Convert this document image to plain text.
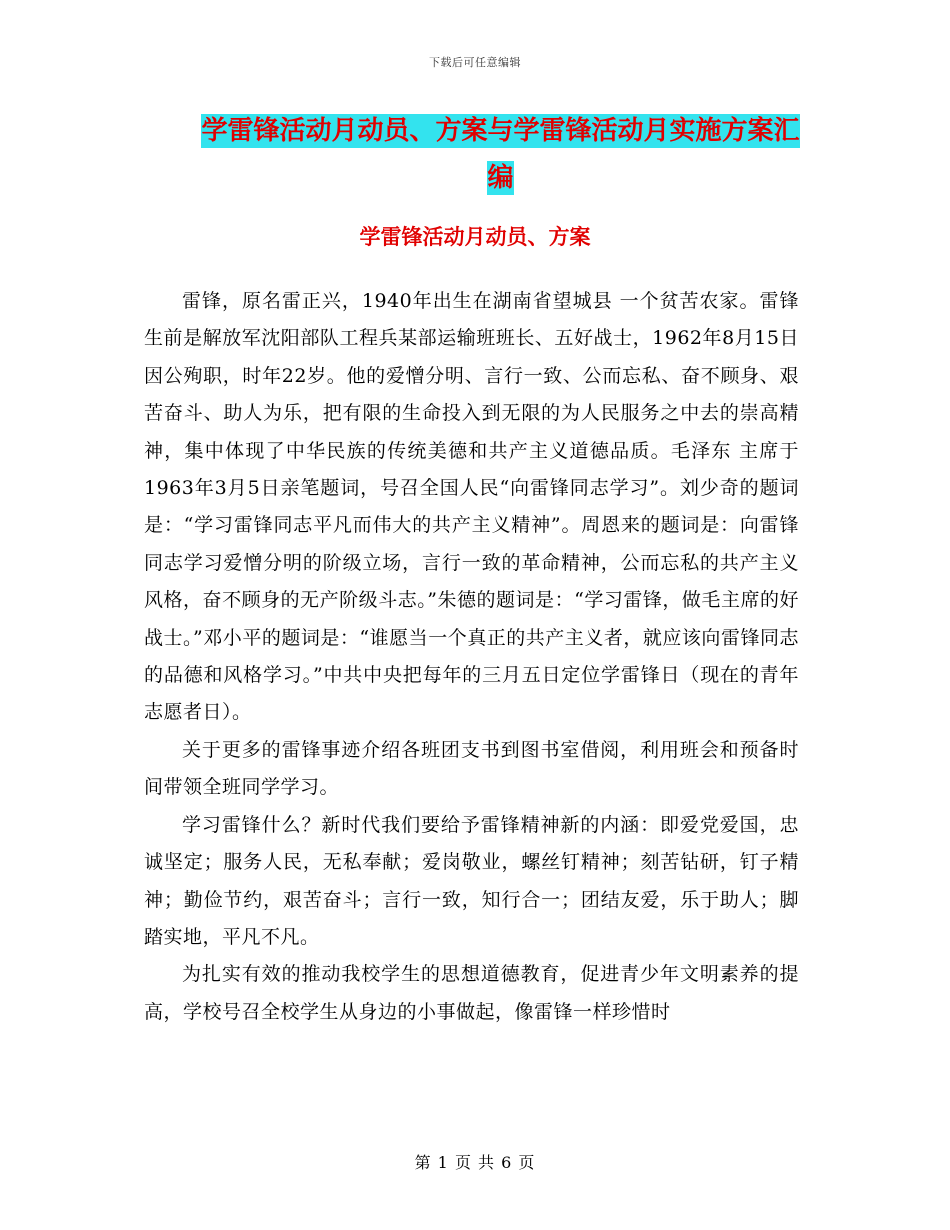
下载后可任意编辑
学雷锋活动月动员、方案与学雷锋活动月实施方案汇
编
学雷锋活动月动员、方案

雷锋，原名雷正兴，1940年出生在湖南省望城县 一个贫苦农家。雷锋生前是解放军沈阳部队工程兵某部运输班班长、五好战士，1962年8月15日因公殉职，时年22岁。他的爱憎分明、言行一致、公而忘私、奋不顾身、艰苦奋斗、助人为乐，把有限的生命投入到无限的为人民服务之中去的崇高精神，集中体现了中华民族的传统美德和共产主义道德品质。毛泽东 主席于1963年3月5日亲笔题词，号召全国人民“向雷锋同志学习”。刘少奇的题词是：“学习雷锋同志平凡而伟大的共产主义精神”。周恩来的题词是：向雷锋同志学习爱憎分明的阶级立场，言行一致的革命精神，公而忘私的共产主义风格，奋不顾身的无产阶级斗志。”朱德的题词是：“学习雷锋，做毛主席的好战士。”邓小平的题词是：“谁愿当一个真正的共产主义者，就应该向雷锋同志的品德和风格学习。”中共中央把每年的三月五日定位学雷锋日（现在的青年志愿者日）。

关于更多的雷锋事迹介绍各班团支书到图书室借阅，利用班会和预备时间带领全班同学学习。

学习雷锋什么？新时代我们要给予雷锋精神新的内涵：即爱党爱国，忠诚坚定；服务人民，无私奉献；爱岗敬业，螺丝钉精神；刻苦钻研，钉子精神；勤俭节约，艰苦奋斗；言行一致，知行合一；团结友爱，乐于助人；脚踏实地，平凡不凡。

为扎实有效的推动我校学生的思想道德教育，促进青少年文明素养的提高，学校号召全校学生从身边的小事做起，像雷锋一样珍惜时

第 1 页 共 6 页
